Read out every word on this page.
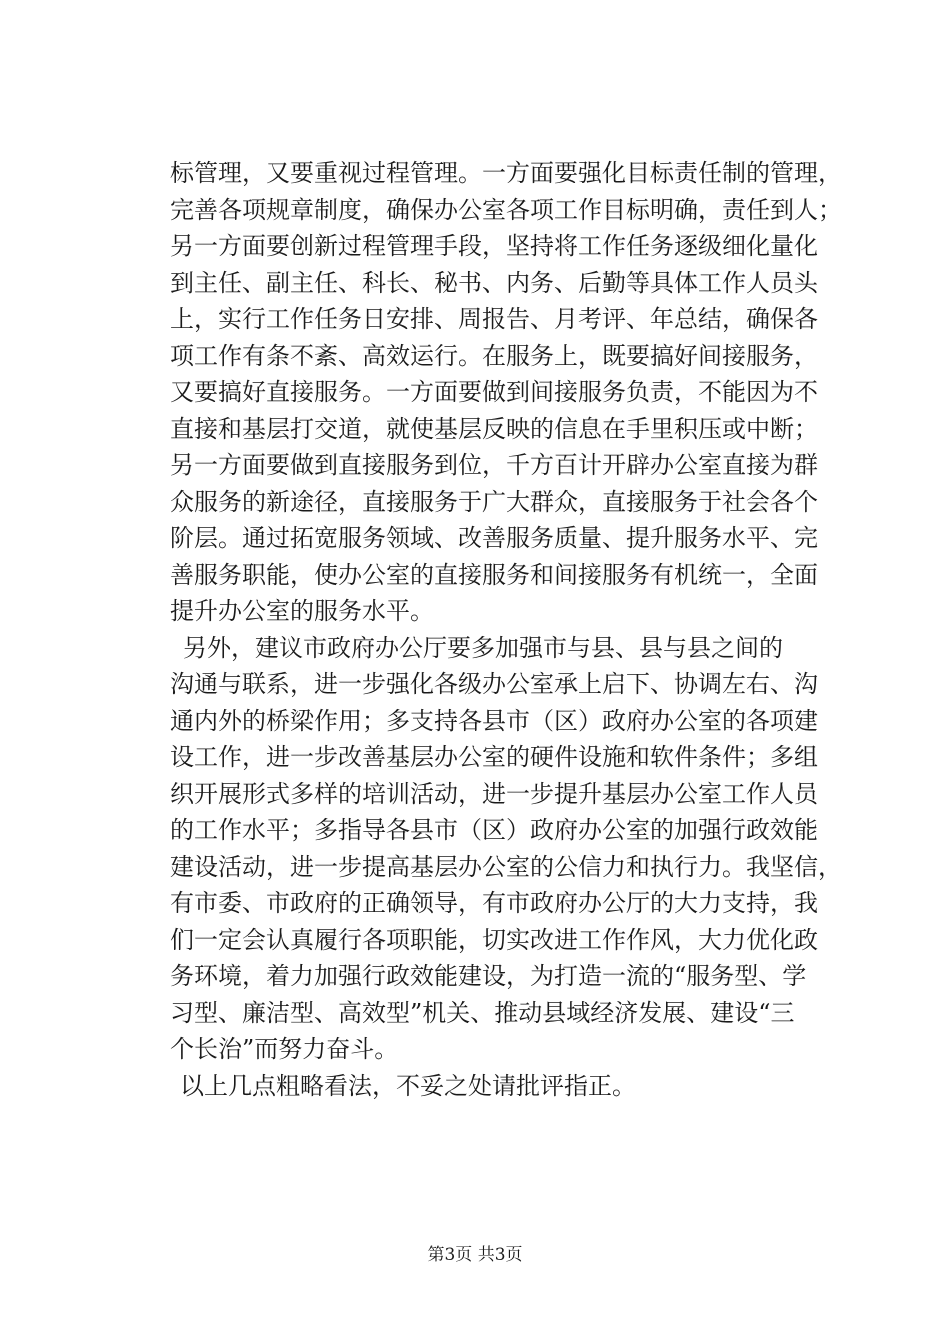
标管理，又要重视过程管理。一方面要强化目标责任制的管理，
完善各项规章制度，确保办公室各项工作目标明确，责任到人；
另一方面要创新过程管理手段，坚持将工作任务逐级细化量化
到主任、副主任、科长、秘书、内务、后勤等具体工作人员头
上，实行工作任务日安排、周报告、月考评、年总结，确保各
项工作有条不紊、高效运行。在服务上，既要搞好间接服务，
又要搞好直接服务。一方面要做到间接服务负责，不能因为不
直接和基层打交道，就使基层反映的信息在手里积压或中断；
另一方面要做到直接服务到位，千方百计开辟办公室直接为群
众服务的新途径，直接服务于广大群众，直接服务于社会各个
阶层。通过拓宽服务领域、改善服务质量、提升服务水平、完
善服务职能，使办公室的直接服务和间接服务有机统一，全面
提升办公室的服务水平。
另外，建议市政府办公厅要多加强市与县、县与县之间的
沟通与联系，进一步强化各级办公室承上启下、协调左右、沟
通内外的桥梁作用；多支持各县市（区）政府办公室的各项建
设工作，进一步改善基层办公室的硬件设施和软件条件；多组
织开展形式多样的培训活动，进一步提升基层办公室工作人员
的工作水平；多指导各县市（区）政府办公室的加强行政效能
建设活动，进一步提高基层办公室的公信力和执行力。我坚信，
有市委、市政府的正确领导，有市政府办公厅的大力支持，我
们一定会认真履行各项职能，切实改进工作作风，大力优化政
务环境，着力加强行政效能建设，为打造一流的“服务型、学
习型、廉洁型、高效型”机关、推动县域经济发展、建设“三
个长治”而努力奋斗。
以上几点粗略看法，不妥之处请批评指正。
第3页 共3页
